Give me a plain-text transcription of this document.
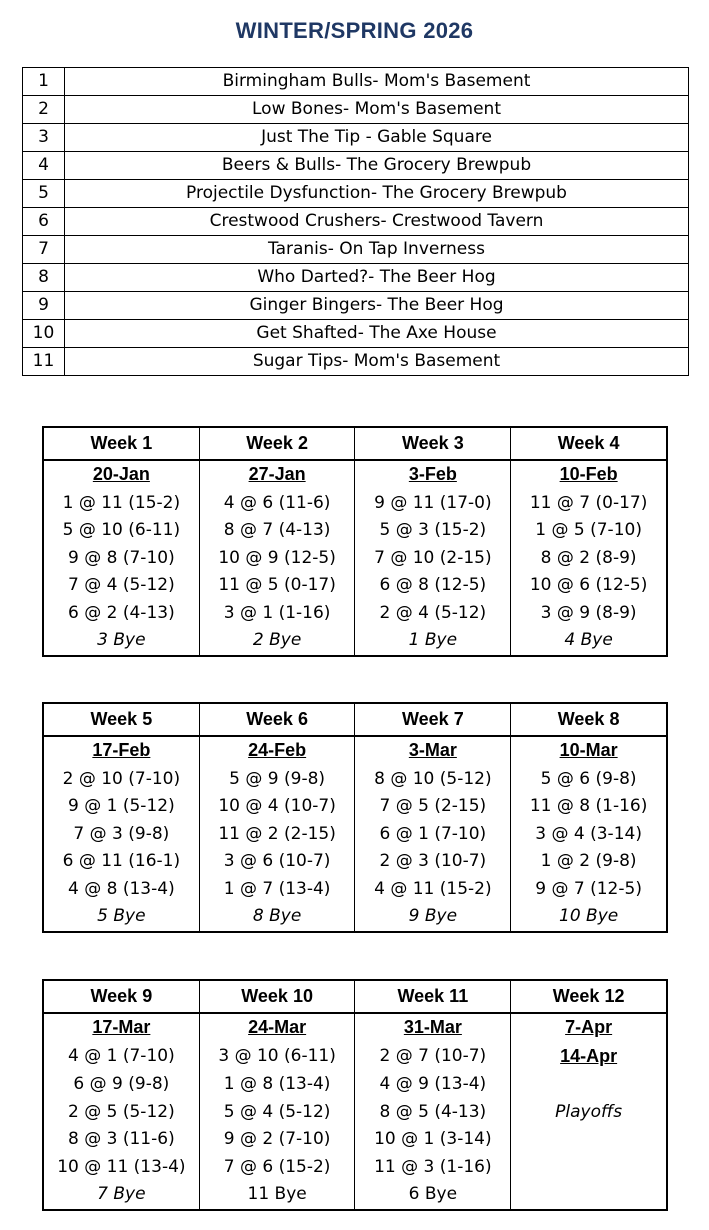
WINTER/SPRING 2026
1	Birmingham Bulls- Mom's Basement
2	Low Bones- Mom's Basement
3	Just The Tip - Gable Square
4	Beers & Bulls- The Grocery Brewpub
5	Projectile Dysfunction- The Grocery Brewpub
6	Crestwood Crushers- Crestwood Tavern
7	Taranis- On Tap Inverness
8	Who Darted?- The Beer Hog
9	Ginger Bingers- The Beer Hog
10	Get Shafted- The Axe House
11	Sugar Tips- Mom's Basement
Week 1	Week 2	Week 3	Week 4
20-Jan	27-Jan	3-Feb	10-Feb
1 @ 11 (15-2)	4 @ 6 (11-6)	9 @ 11 (17-0)	11 @ 7 (0-17)
5 @ 10 (6-11)	8 @ 7 (4-13)	5 @ 3 (15-2)	1 @ 5 (7-10)
9 @ 8 (7-10)	10 @ 9 (12-5)	7 @ 10 (2-15)	8 @ 2 (8-9)
7 @ 4 (5-12)	11 @ 5 (0-17)	6 @ 8 (12-5)	10 @ 6 (12-5)
6 @ 2 (4-13)	3 @ 1 (1-16)	2 @ 4 (5-12)	3 @ 9 (8-9)
3 Bye	2 Bye	1 Bye	4 Bye
Week 5	Week 6	Week 7	Week 8
17-Feb	24-Feb	3-Mar	10-Mar
2 @ 10 (7-10)	5 @ 9 (9-8)	8 @ 10 (5-12)	5 @ 6 (9-8)
9 @ 1 (5-12)	10 @ 4 (10-7)	7 @ 5 (2-15)	11 @ 8 (1-16)
7 @ 3 (9-8)	11 @ 2 (2-15)	6 @ 1 (7-10)	3 @ 4 (3-14)
6 @ 11 (16-1)	3 @ 6 (10-7)	2 @ 3 (10-7)	1 @ 2 (9-8)
4 @ 8 (13-4)	1 @ 7 (13-4)	4 @ 11 (15-2)	9 @ 7 (12-5)
5 Bye	8 Bye	9 Bye	10 Bye
Week 9	Week 10	Week 11	Week 12
17-Mar	24-Mar	31-Mar	7-Apr
4 @ 1 (7-10)	3 @ 10 (6-11)	2 @ 7 (10-7)	14-Apr
6 @ 9 (9-8)	1 @ 8 (13-4)	4 @ 9 (13-4)	
2 @ 5 (5-12)	5 @ 4 (5-12)	8 @ 5 (4-13)	Playoffs
8 @ 3 (11-6)	9 @ 2 (7-10)	10 @ 1 (3-14)	
10 @ 11 (13-4)	7 @ 6 (15-2)	11 @ 3 (1-16)	
7 Bye	11 Bye	6 Bye	
